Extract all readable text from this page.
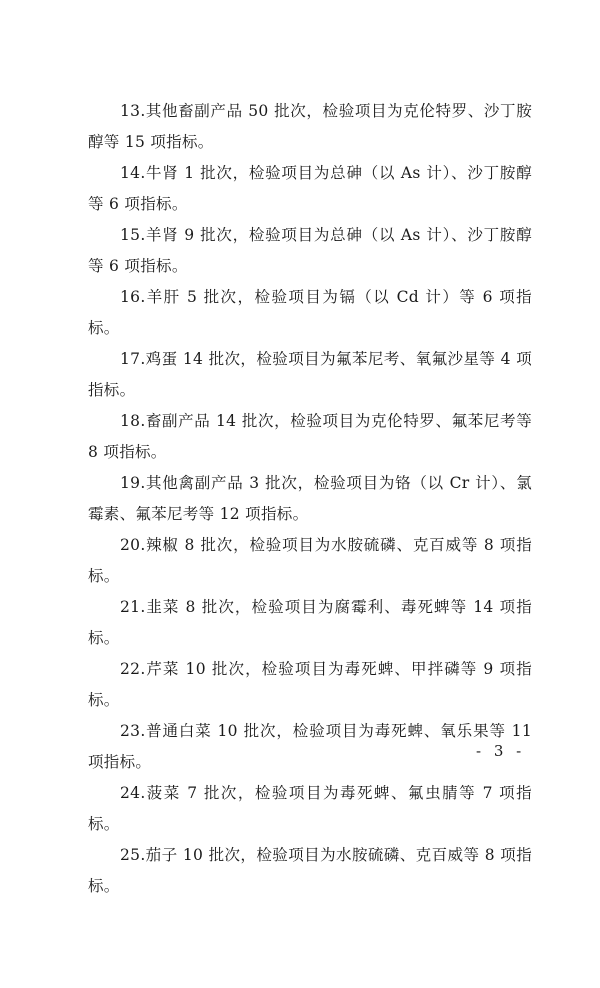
13.其他畜副产品 50 批次，检验项目为克伦特罗、沙丁胺醇等 15 项指标。

14.牛肾 1 批次，检验项目为总砷（以 As 计）、沙丁胺醇等 6 项指标。

15.羊肾 9 批次，检验项目为总砷（以 As 计）、沙丁胺醇等 6 项指标。

16.羊肝 5 批次，检验项目为镉（以 Cd 计）等 6 项指标。

17.鸡蛋 14 批次，检验项目为氟苯尼考、氧氟沙星等 4 项指标。

18.畜副产品 14 批次，检验项目为克伦特罗、氟苯尼考等 8 项指标。

19.其他禽副产品 3 批次，检验项目为铬（以 Cr 计）、氯霉素、氟苯尼考等 12 项指标。

20.辣椒 8 批次，检验项目为水胺硫磷、克百威等 8 项指标。

21.韭菜 8 批次，检验项目为腐霉利、毒死蜱等 14 项指标。

22.芹菜 10 批次，检验项目为毒死蜱、甲拌磷等 9 项指标。

23.普通白菜 10 批次，检验项目为毒死蜱、氧乐果等 11 项指标。

24.菠菜 7 批次，检验项目为毒死蜱、氟虫腈等 7 项指标。

25.茄子 10 批次，检验项目为水胺硫磷、克百威等 8 项指标。

- 3 -
